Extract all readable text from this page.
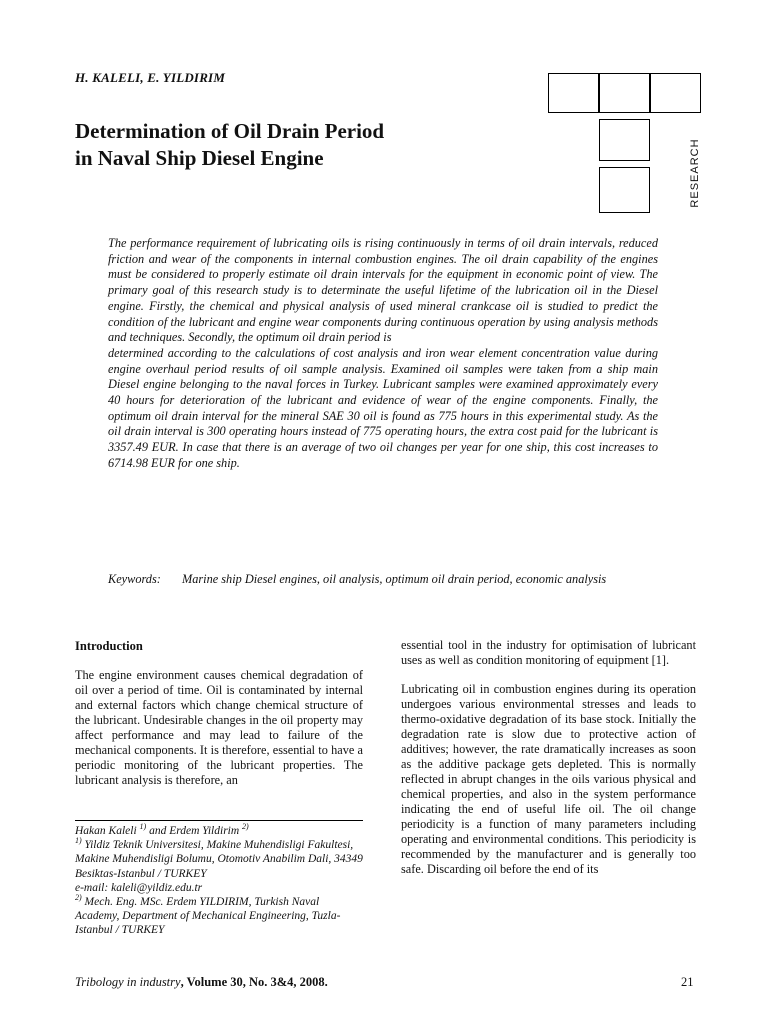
H. KALELI, E. YILDIRIM
Determination of Oil Drain Period
in Naval Ship Diesel Engine	RESEARCH

The performance requirement of lubricating oils is rising continuously in terms of oil drain intervals, reduced friction and wear of the components in internal combustion engines. The oil drain capability of the engines must be considered to properly estimate oil drain intervals for the equipment in economic point of view. The primary goal of this research study is to determinate the useful lifetime of the lubrication oil in the Diesel engine. Firstly, the chemical and physical analysis of used mineral crankcase oil is studied to predict the condition of the lubricant and engine wear components during continuous operation by using analysis methods and techniques. Secondly, the optimum oil drain period is

determined according to the calculations of cost analysis and iron wear element concentration value during engine overhaul period results of oil sample analysis. Examined oil samples were taken from a ship main Diesel engine belonging to the naval forces in Turkey. Lubricant samples were examined approximately every 40 hours for deterioration of the lubricant and evidence of wear of the engine components. Finally, the optimum oil drain interval for the mineral SAE 30 oil is found as 775 hours in this experimental study. As the oil drain interval is 300 operating hours instead of 775 operating hours, the extra cost paid for the lubricant is 3357.49 EUR. In case that there is an average of two oil changes per year for one ship, this cost increases to 6714.98 EUR for one ship.

Keywords:	Marine ship Diesel engines, oil analysis, optimum oil drain period, economic analysis
Introduction

The engine environment causes chemical degradation of oil over a period of time. Oil is contaminated by internal and external factors which change chemical structure of the lubricant. Undesirable changes in the oil property may affect performance and may lead to failure of the mechanical components. It is therefore, essential to have a periodic monitoring of the lubricant properties. The lubricant analysis is therefore, an

Hakan Kaleli $^{1)}$ and Erdem Yildirim $^{2)}$

$^{1)}$ Yildiz Teknik Universitesi, Makine Muhendisligi Fakultesi, Makine Muhendisligi Bolumu, Otomotiv Anabilim Dali, 34349 Besiktas-Istanbul / TURKEY

e-mail: kaleli@yildiz.edu.tr

$^{2)}$ Mech. Eng. MSc. Erdem YILDIRIM, Turkish Naval Academy, Department of Mechanical Engineering, Tuzla-Istanbul / TURKEY

essential tool in the industry for optimisation of lubricant uses as well as condition monitoring of equipment [1].

Lubricating oil in combustion engines during its operation undergoes various environmental stresses and leads to thermo-oxidative degradation of its base stock. Initially the degradation rate is slow due to protective action of additives; however, the rate dramatically increases as soon as the additive package gets depleted. This is normally reflected in abrupt changes in the oils various physical and chemical properties, and also in the system performance indicating the end of useful life oil. The oil change periodicity is a function of many parameters including operating and environmental conditions. This periodicity is recommended by the manufacturer and is generally too safe. Discarding oil before the end of its

Tribology in industry, Volume 30, No. 3&4, 2008.	21
